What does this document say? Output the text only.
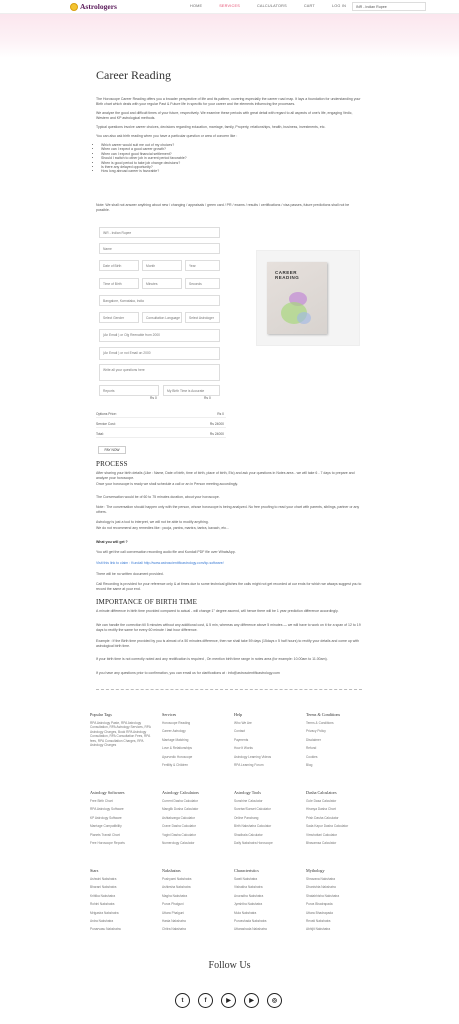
Astrologers	HOME	SERVICES	CALCULATORS	CART	LOG IN	INR - Indian Rupee
Career Reading

The Horoscope Career Reading offers you a broader perspective of life and its pattern, covering especially the career road map. It lays a foundation for understanding your Birth chart which deals with your regular Past & Future life in specific for your career and the elements influencing the processes.

We analyze the good and difficult times of your future, respectively. We examine these periods with great detail with regard to all aspects of one's life, engaging Vedic, Western and KP astrological methods.

Typical questions involve career choices, decisions regarding education, marriage, family, Property, relationships, health, business, investments, etc.

You can also ask birth reading when you have a particular question or area of concern like :

• Which career would suit me out of my choices?
• When can I expect a good career growth?
• When can I expect good financial settlement?
• Should I switch to other job in current period favorable?
• When is good period to take job change decisions?
• Is there any delayed opportunity?
• How long abroad career is favorable?

Note: We shall not answer anything about new / changing / appraisals / green card / PR / exams / results / certifications / visa passes, future predictions shall not be possible.

INR - Indian Rupee
Name
Date of Birth	Month	Year
Time of Birth	Minutes	Seconds
Bangalore, Karnataka, India
Select Gender	Consultation Language	Select Astrologer
(An Email ) or Cfg Reenable from 2000
(An Email ) or not Email on 2000
Write all your questions here
Reports	My Birth Time is Accurate
Rs 0	Rs 0
CAREER READING
Options Price:	Rs 0
Service Cost:	Rs 24000
Total:	Rs 24000
PAY NOW
PROCESS

After sharing your birth details (Like : Name, Date of birth, time of birth, place of birth, Etc) and ask your questions in Notes area - we will take 6 - 7 days to prepare and analyze your horoscope.

Once your horoscope is ready we shall schedule a call or an in Person meeting accordingly.

The Conversation would be of 60 to 75 minutes duration, about your horoscope.

Note : The conversation should happen only with the person, whose horoscope is being analyzed. No free proofing to read your chart with parents, siblings, partner or any others.

Astrology is just a tool to interpret, we will not be able to modify anything.

We do not recommend any remedies like : pooja, yantra, mantra, tantra, kavach, etc...

What you will get ?

You will get the call conversation recording audio file and Kundali PDF file over WhatsApp.

Visit this link to claim : Kundali http://www.astroscientificastrology.com/kp-software/

There will be no written document provided.

Call Recording is provided for your reference only & at times due to some technical glitches the calls might not get recorded at our ends for which we always suggest you to record the same at your end.

IMPORTANCE OF BIRTH TIME

A minute difference in birth time provided compared to actual - will change 1° degree ascend, will hence there will be 1 year prediction difference accordingly.

We can handle the correction till 5 minutes without any additional cost, & 5 min, whereas any difference above 5 minutes — we will have to work on it for a span of 12 to 19 days to rectify the same for every 60 minute / last hour difference.

Example : If the Birth time provided by you is almost of a 50 minutes difference, then we shall take 59 days (15days x 5 half hours) to rectify your details and come up with astrological birth time.

If your birth time is not correctly noted and any rectification is required , On mention birth time range in notes area (for example: 10.00am to 11.00am).

If you have any questions prior to confirmation, you can email us for clarifications at : info@astroscientificastrology.com

Popular Tags
RPA Astrology Paste, RPA Astrology Consultation, RPA Astrology Services, RPA Astrology Charges, Book RPA Astrology Consultation, RPA Consultation Fees, RPA fees, RPA Consultation Charges, RPA Astrology Charges
Services
Horoscope Reading
Career Astrology
Marriage Matching
Love & Relationships
Ayurvedic Horoscope
Fertility & Children
Help
Who We Are
Contact
Payments
How It Works
Astrology Learning Videos
RPA Learning Forum
Terms & Conditions
Terms & Conditions
Privacy Policy
Disclaimer
Refund
Cookies
Blog
Astrology Softwares
Free Birth Chart
RPA Astrology Software
KP Astrology Software
Marriage Compatibility
Planets Transit Chart
Free Horoscope Reports
Astrology Calculators
Current Dasha Calculator
Manglik Dosha Calculator
Ashtakvarga Calculator
Crane Dasha Calculator
Yogini Dasha Calculator
Numerology Calculator
Astrology Tools
Sunshine Calculator
Sunrise/Sunset Calculator
Online Panchang
Birth Nakshatra Calculator
Shadbala Calculator
Daily Nakshatra Horoscope
Dasha Calculators
Gole Dasa Calculator
Hiranya Dasha Chart
Prish Dasha Calculator
Sada Kapur Dasha Calculator
Vimshottari Calculator
Bhavamsa Calculator
Stars
Ashwini Nakshatra
Bharani Nakshatra
Krittika Nakshatra
Rohini Nakshatra
Mrigasira Nakshatra
Ardra Nakshatra
Punarvasu Nakshatra
Nakshatras
Pushyami Nakshatra
Ashlesha Nakshatra
Magha Nakshatra
Purva Phalguni
Uttara Phalguni
Hasta Nakshatra
Chitra Nakshatra
Characteristics
Swati Nakshatra
Vishakha Nakshatra
Anuradha Nakshatra
Jyeshtha Nakshatra
Mula Nakshatra
Purvashada Nakshatra
Uttarashada Nakshatra
Mythology
Shravana Nakshatra
Dhanishta Nakshatra
Shatabhisha Nakshatra
Purva Bhadrapada
Uttara Bhadrapada
Revati Nakshatra
Abhijit Nakshatra
Follow Us
t	f	▶	▶	◎
